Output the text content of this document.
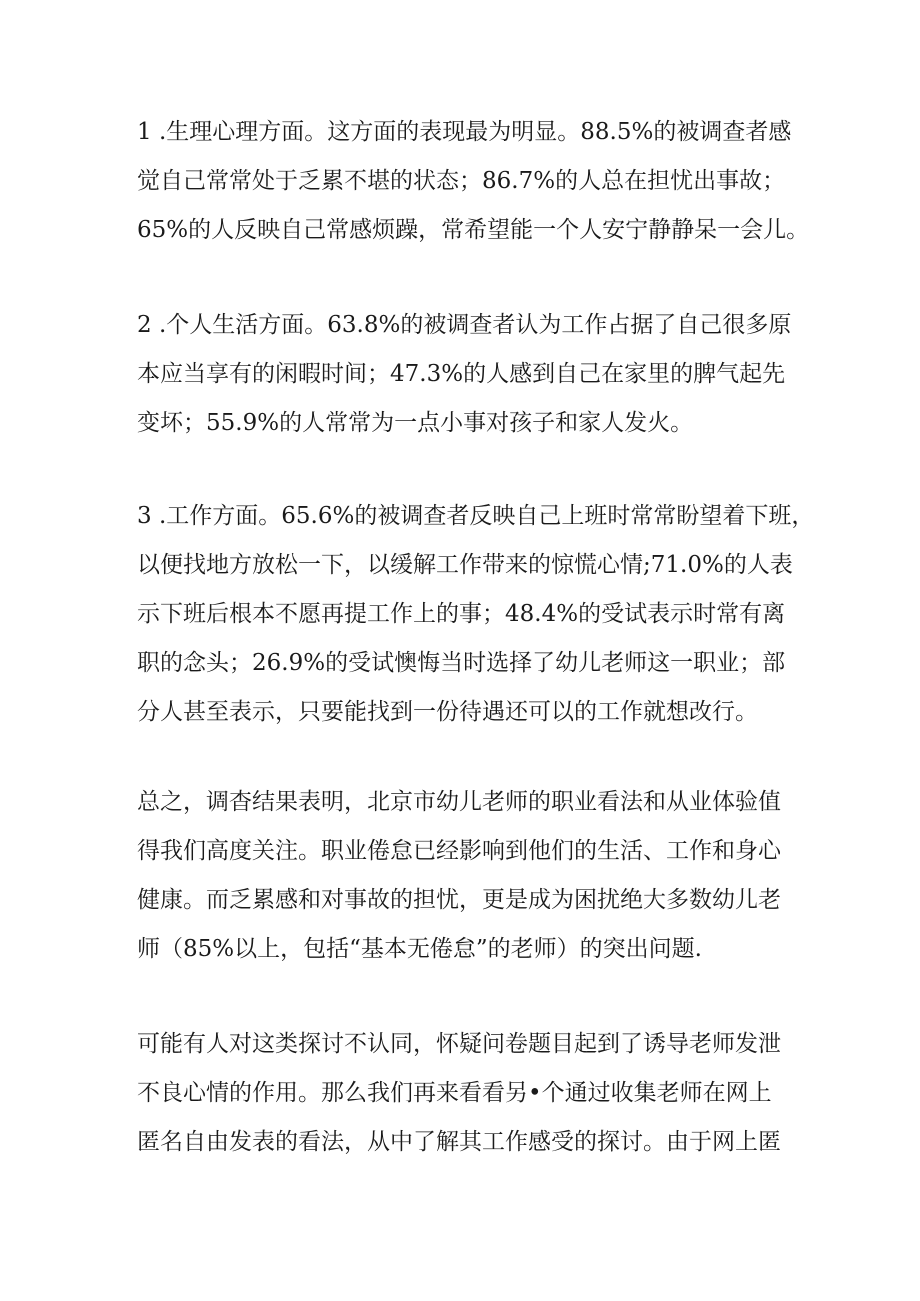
1 .生理心理方面。这方面的表现最为明显。88.5%的被调查者感
觉自己常常处于乏累不堪的状态；86.7%的人总在担忧出事故；
65%的人反映自己常感烦躁，常希望能一个人安宁静静呆一会儿。
2 .个人生活方面。63.8%的被调查者认为工作占据了自己很多原
本应当享有的闲暇时间；47.3%的人感到自己在家里的脾气起先
变坏；55.9%的人常常为一点小事对孩子和家人发火。
3 .工作方面。65.6%的被调查者反映自己上班时常常盼望着下班，
以便找地方放松一下，以缓解工作带来的惊慌心情;71.0%的人表
示下班后根本不愿再提工作上的事；48.4%的受试表示时常有离
职的念头；26.9%的受试懊悔当时选择了幼儿老师这一职业；部
分人甚至表示，只要能找到一份待遇还可以的工作就想改行。
总之，调杳结果表明，北京市幼儿老师的职业看法和从业体验值
得我们高度关注。职业倦怠已经影响到他们的生活、工作和身心
健康。而乏累感和对事故的担忧，更是成为困扰绝大多数幼儿老
师（85%以上，包括“基本无倦怠”的老师）的突出问题.
可能有人对这类探讨不认同，怀疑问卷题目起到了诱导老师发泄
不良心情的作用。那么我们再来看看另•个通过收集老师在网上
匿名自由发表的看法，从中了解其工作感受的探讨。由于网上匿
